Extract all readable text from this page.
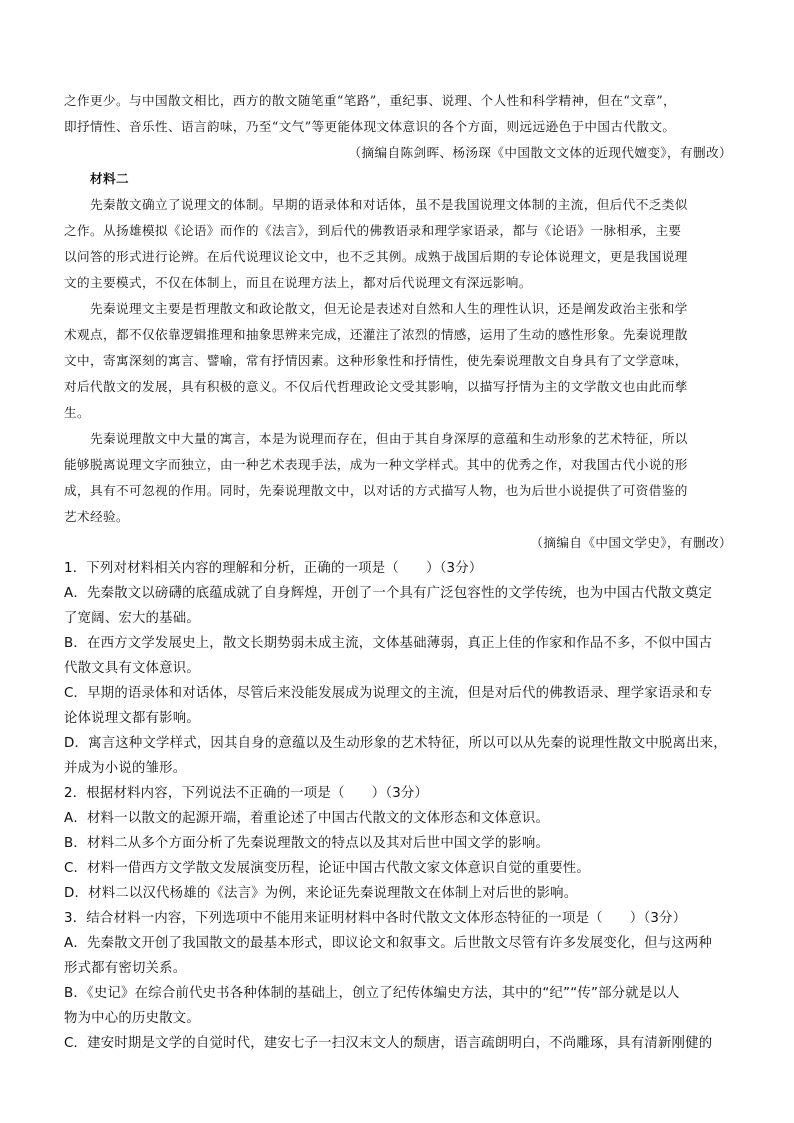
之作更少。与中国散文相比，西方的散文随笔重“笔路”，重纪事、说理、个人性和科学精神，但在“文章”，
即抒情性、音乐性、语言韵味，乃至“文气”等更能体现文体意识的各个方面，则远远逊色于中国古代散文。
（摘编自陈剑晖、杨汤琛《中国散文文体的近现代嬗变》，有删改）
材料二
先秦散文确立了说理文的体制。早期的语录体和对话体，虽不是我国说理文体制的主流，但后代不乏类似
之作。从扬雄模拟《论语》而作的《法言》，到后代的佛教语录和理学家语录，都与《论语》一脉相承，主要
以问答的形式进行论辨。在后代说理议论文中，也不乏其例。成熟于战国后期的专论体说理文，更是我国说理
文的主要模式，不仅在体制上，而且在说理方法上，都对后代说理文有深远影响。
先秦说理文主要是哲理散文和政论散文，但无论是表述对自然和人生的理性认识，还是阐发政治主张和学
术观点，都不仅依靠逻辑推理和抽象思辨来完成，还灌注了浓烈的情感，运用了生动的感性形象。先秦说理散
文中，寄寓深刻的寓言、譬喻，常有抒情因素。这种形象性和抒情性，使先秦说理散文自身具有了文学意味，
对后代散文的发展，具有积极的意义。不仅后代哲理政论文受其影响，以描写抒情为主的文学散文也由此而孳
生。
先秦说理散文中大量的寓言，本是为说理而存在，但由于其自身深厚的意蕴和生动形象的艺术特征，所以
能够脱离说理文字而独立，由一种艺术表现手法，成为一种文学样式。其中的优秀之作，对我国古代小说的形
成，具有不可忽视的作用。同时，先秦说理散文中，以对话的方式描写人物，也为后世小说提供了可资借鉴的
艺术经验。
（摘编自《中国文学史》，有删改）
1．下列对材料相关内容的理解和分析，正确的一项是（　　）（3分）
A．先秦散文以磅礴的底蕴成就了自身辉煌，开创了一个具有广泛包容性的文学传统，也为中国古代散文奠定
了宽阔、宏大的基础。
B．在西方文学发展史上，散文长期势弱未成主流，文体基础薄弱，真正上佳的作家和作品不多，不似中国古
代散文具有文体意识。
C．早期的语录体和对话体，尽管后来没能发展成为说理文的主流，但是对后代的佛教语录、理学家语录和专
论体说理文都有影响。
D．寓言这种文学样式，因其自身的意蕴以及生动形象的艺术特征，所以可以从先秦的说理性散文中脱离出来，
并成为小说的雏形。
2．根据材料内容，下列说法不正确的一项是（　　）（3分）
A．材料一以散文的起源开端，着重论述了中国古代散文的文体形态和文体意识。
B．材料二从多个方面分析了先秦说理散文的特点以及其对后世中国文学的影响。
C．材料一借西方文学散文发展演变历程，论证中国古代散文家文体意识自觉的重要性。
D．材料二以汉代杨雄的《法言》为例，来论证先秦说理散文在体制上对后世的影响。
3．结合材料一内容，下列选项中不能用来证明材料中各时代散文文体形态特征的一项是（　　）（3分）
A．先秦散文开创了我国散文的最基本形式，即议论文和叙事文。后世散文尽管有许多发展变化，但与这两种
形式都有密切关系。
B．《史记》在综合前代史书各种体制的基础上，创立了纪传体编史方法，其中的“纪”“传”部分就是以人
物为中心的历史散文。
C．建安时期是文学的自觉时代，建安七子一扫汉末文人的颓唐，语言疏朗明白，不尚雕琢，具有清新刚健的
